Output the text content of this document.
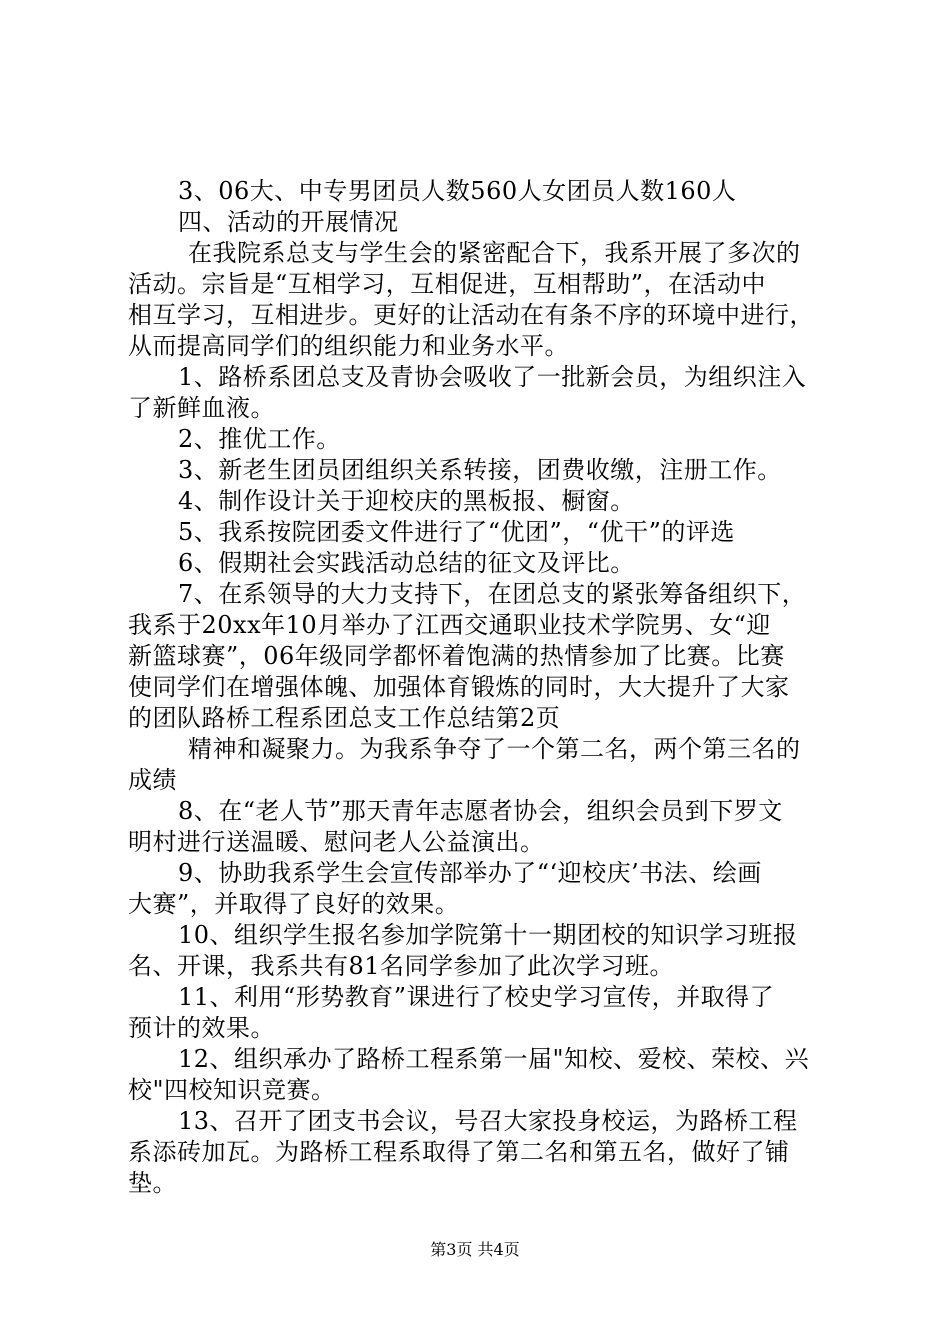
3、06大、中专男团员人数560人女团员人数160人

四、活动的开展情况

在我院系总支与学生会的紧密配合下，我系开展了多次的

活动。宗旨是“互相学习，互相促进，互相帮助”，在活动中

相互学习，互相进步。更好的让活动在有条不序的环境中进行，

从而提高同学们的组织能力和业务水平。

1、路桥系团总支及青协会吸收了一批新会员，为组织注入

了新鲜血液。

2、推优工作。

3、新老生团员团组织关系转接，团费收缴，注册工作。

4、制作设计关于迎校庆的黑板报、橱窗。

5、我系按院团委文件进行了“优团”，“优干”的评选

6、假期社会实践活动总结的征文及评比。

7、在系领导的大力支持下，在团总支的紧张筹备组织下，

我系于20xx年10月举办了江西交通职业技术学院男、女“迎

新篮球赛”，06年级同学都怀着饱满的热情参加了比赛。比赛

使同学们在增强体魄、加强体育锻炼的同时，大大提升了大家

的团队路桥工程系团总支工作总结第2页

精神和凝聚力。为我系争夺了一个第二名，两个第三名的

成绩

8、在“老人节”那天青年志愿者协会，组织会员到下罗文

明村进行送温暖、慰问老人公益演出。

9、协助我系学生会宣传部举办了“‘迎校庆’书法、绘画

大赛”，并取得了良好的效果。

10、组织学生报名参加学院第十一期团校的知识学习班报

名、开课，我系共有81名同学参加了此次学习班。

11、利用“形势教育”课进行了校史学习宣传，并取得了

预计的效果。

12、组织承办了路桥工程系第一届"知校、爱校、荣校、兴

校"四校知识竞赛。

13、召开了团支书会议，号召大家投身校运，为路桥工程

系添砖加瓦。为路桥工程系取得了第二名和第五名，做好了铺

垫。

第3页 共4页
